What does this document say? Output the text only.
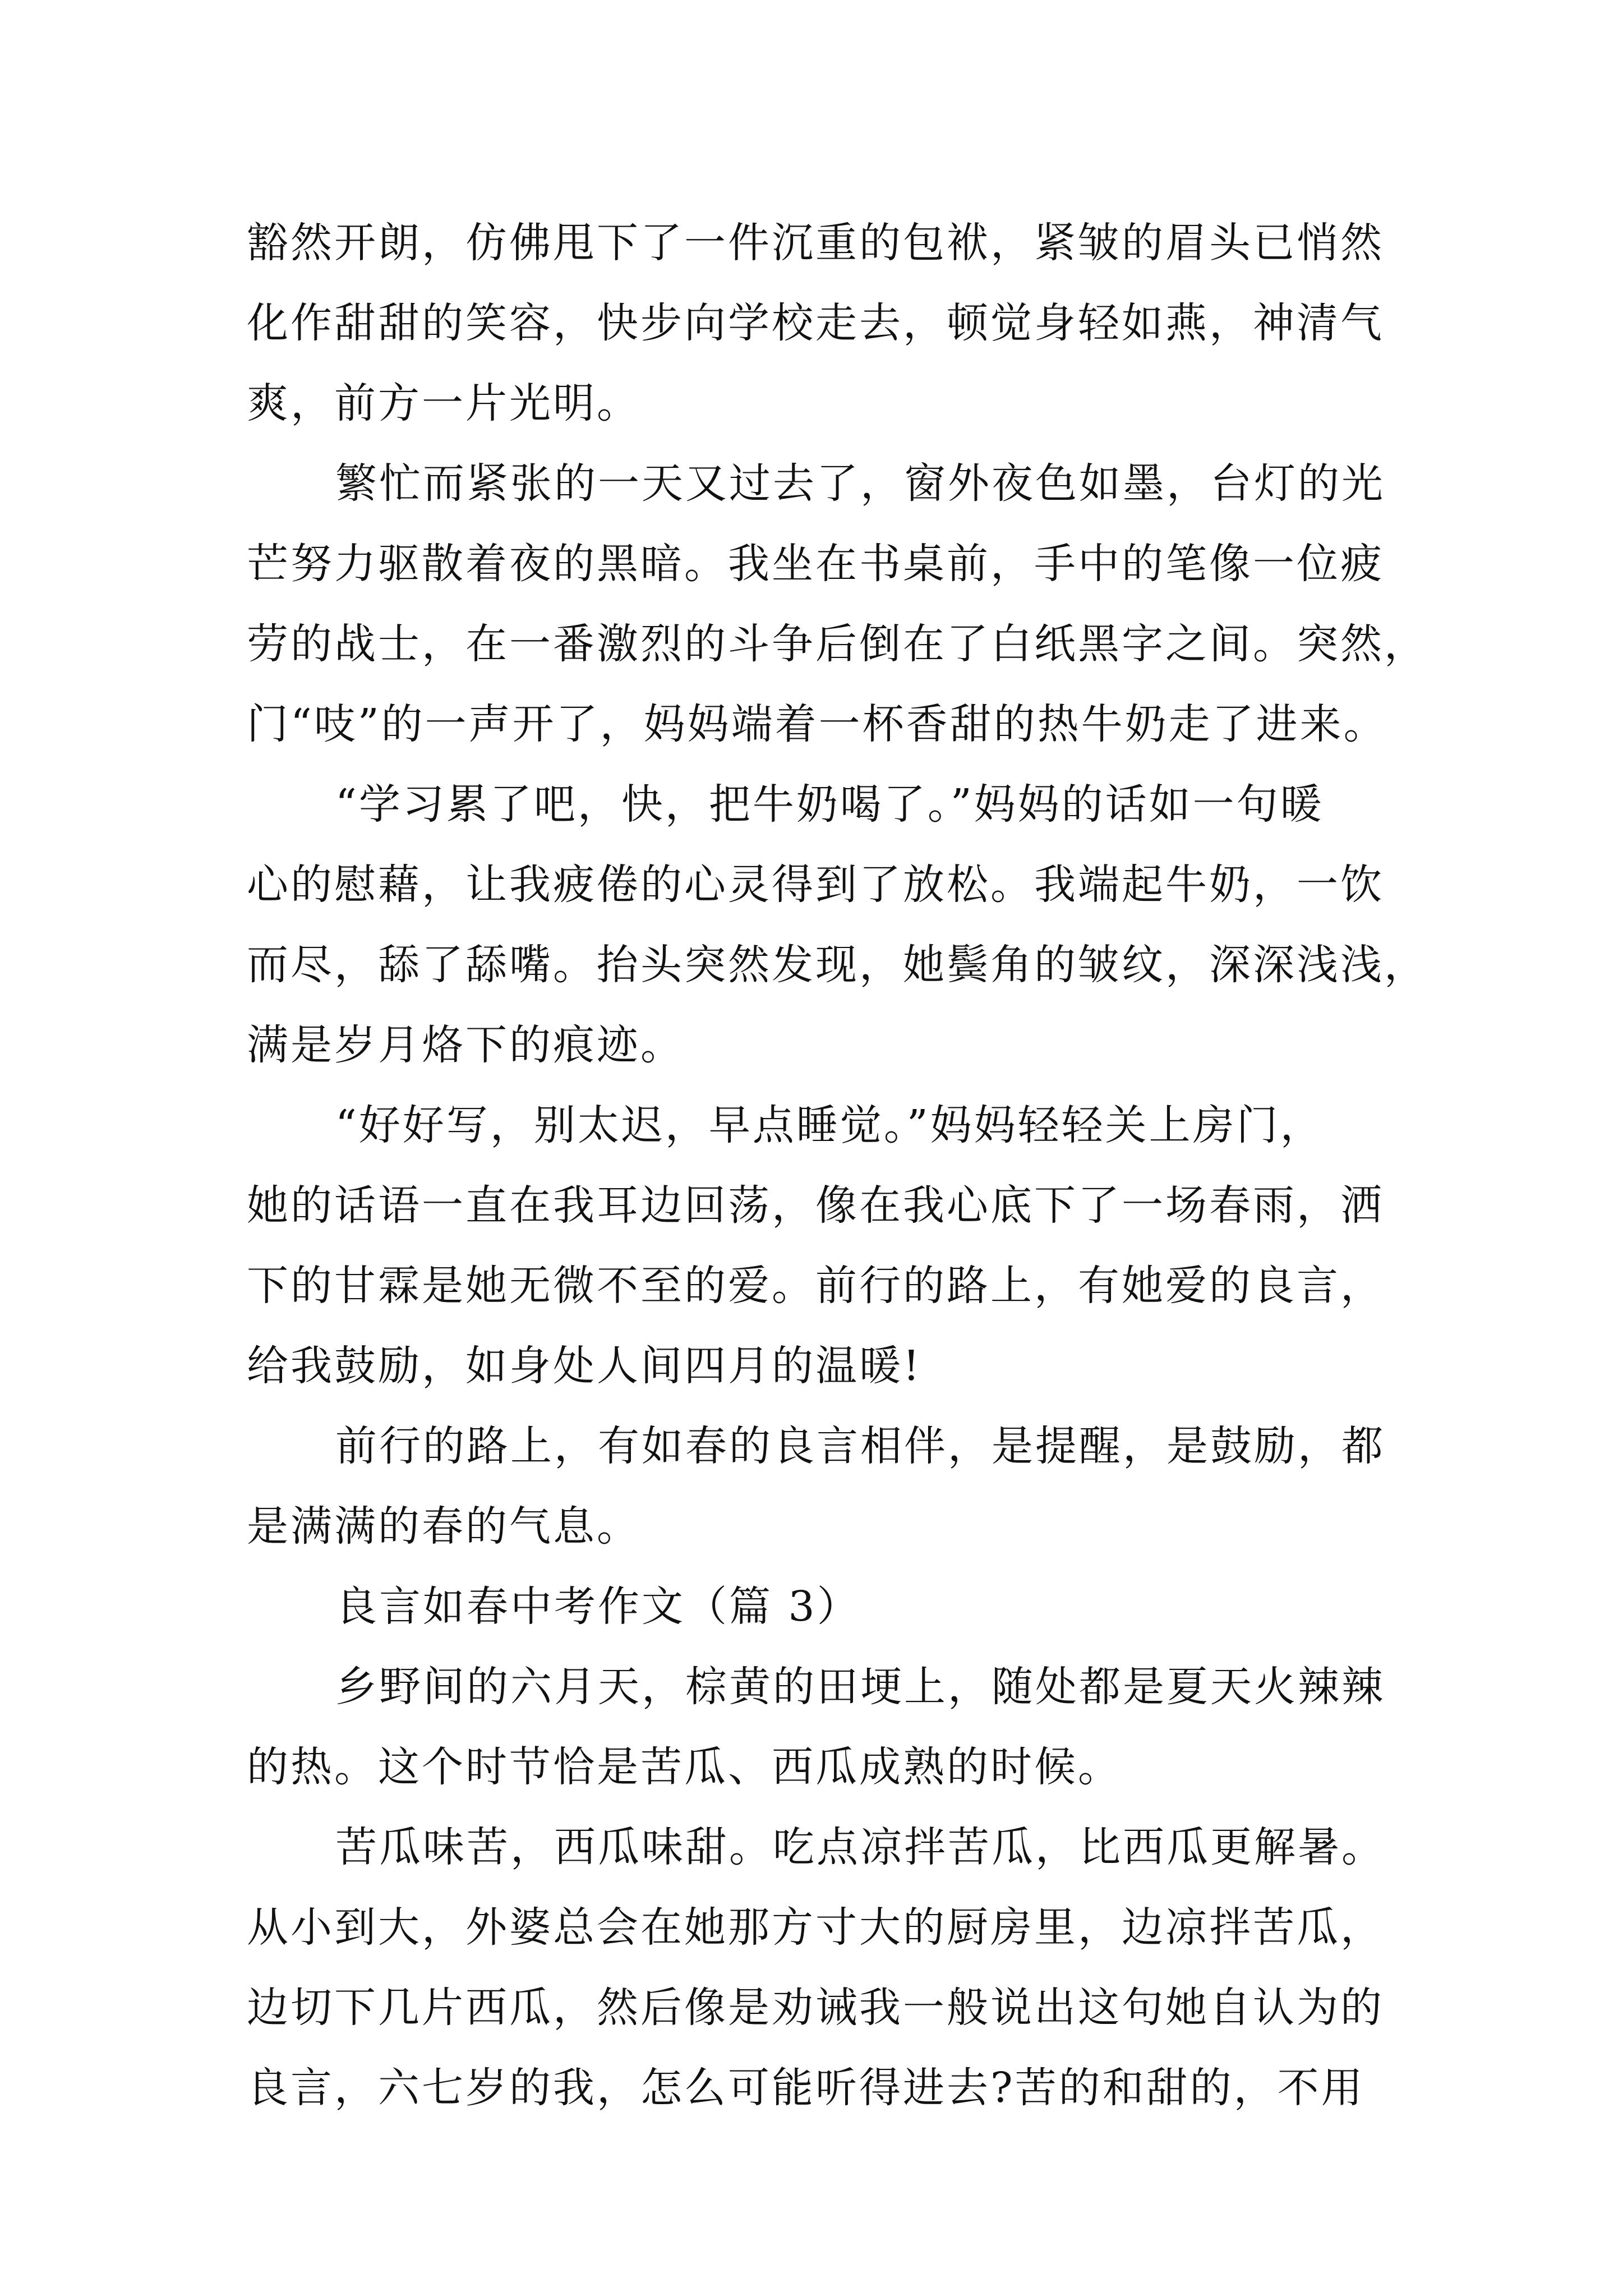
豁然开朗，仿佛甩下了一件沉重的包袱，紧皱的眉头已悄然
化作甜甜的笑容，快步向学校走去，顿觉身轻如燕，神清气
爽，前方一片光明。
繁忙而紧张的一天又过去了，窗外夜色如墨，台灯的光
芒努力驱散着夜的黑暗。我坐在书桌前，手中的笔像一位疲
劳的战士，在一番激烈的斗争后倒在了白纸黑字之间。突然，
门“吱”的一声开了，妈妈端着一杯香甜的热牛奶走了进来。
“学习累了吧，快，把牛奶喝了。”妈妈的话如一句暖
心的慰藉，让我疲倦的心灵得到了放松。我端起牛奶，一饮
而尽，舔了舔嘴。抬头突然发现，她鬓角的皱纹，深深浅浅，
满是岁月烙下的痕迹。
“好好写，别太迟，早点睡觉。”妈妈轻轻关上房门，
她的话语一直在我耳边回荡，像在我心底下了一场春雨，洒
下的甘霖是她无微不至的爱。前行的路上，有她爱的良言，
给我鼓励，如身处人间四月的温暖!
前行的路上，有如春的良言相伴，是提醒，是鼓励，都
是满满的春的气息。
良言如春中考作文（篇 3）
乡野间的六月天，棕黄的田埂上，随处都是夏天火辣辣
的热。这个时节恰是苦瓜、西瓜成熟的时候。
苦瓜味苦，西瓜味甜。吃点凉拌苦瓜，比西瓜更解暑。
从小到大，外婆总会在她那方寸大的厨房里，边凉拌苦瓜，
边切下几片西瓜，然后像是劝诫我一般说出这句她自认为的
良言，六七岁的我，怎么可能听得进去?苦的和甜的，不用
